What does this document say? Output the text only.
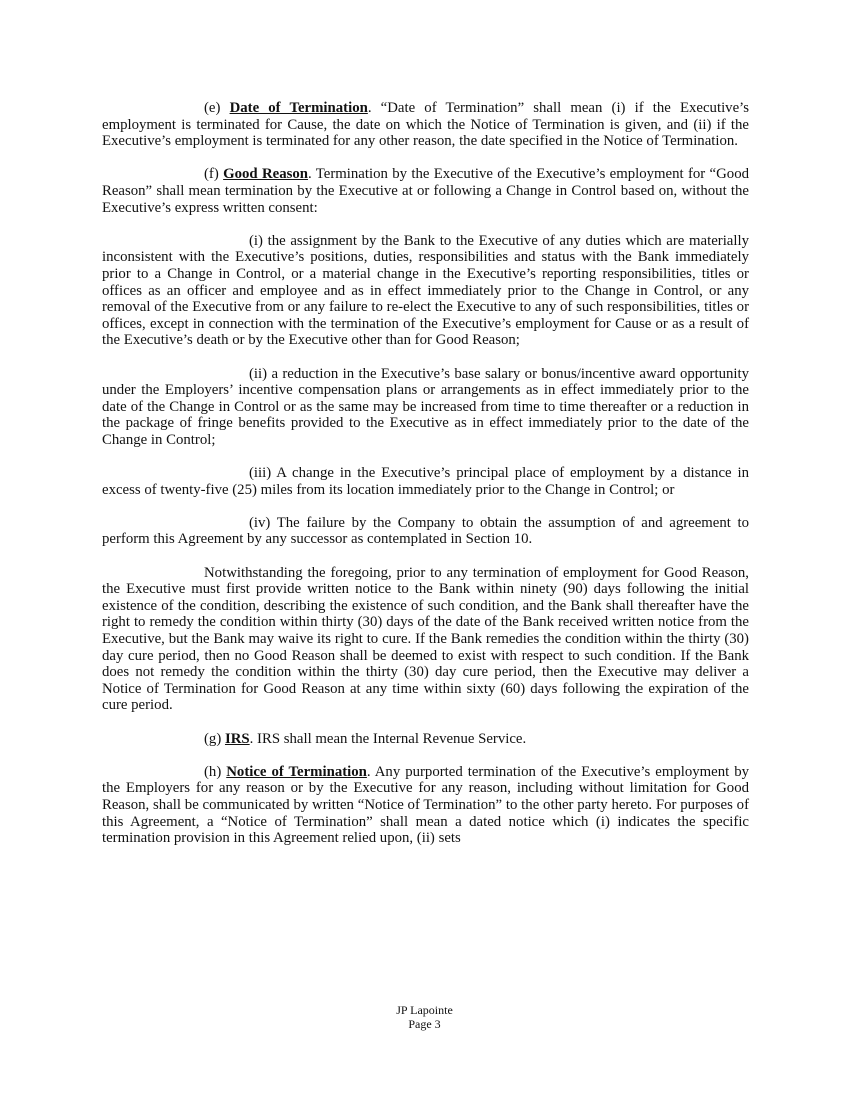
(e) Date of Termination. “Date of Termination” shall mean (i) if the Executive’s employment is terminated for Cause, the date on which the Notice of Termination is given, and (ii) if the Executive’s employment is terminated for any other reason, the date specified in the Notice of Termination.

(f) Good Reason. Termination by the Executive of the Executive’s employment for “Good Reason” shall mean termination by the Executive at or following a Change in Control based on, without the Executive’s express written consent:

(i) the assignment by the Bank to the Executive of any duties which are materially inconsistent with the Executive’s positions, duties, responsibilities and status with the Bank immediately prior to a Change in Control, or a material change in the Executive’s reporting responsibilities, titles or offices as an officer and employee and as in effect immediately prior to the Change in Control, or any removal of the Executive from or any failure to re-elect the Executive to any of such responsibilities, titles or offices, except in connection with the termination of the Executive’s employment for Cause or as a result of the Executive’s death or by the Executive other than for Good Reason;

(ii) a reduction in the Executive’s base salary or bonus/incentive award opportunity under the Employers’ incentive compensation plans or arrangements as in effect immediately prior to the date of the Change in Control or as the same may be increased from time to time thereafter or a reduction in the package of fringe benefits provided to the Executive as in effect immediately prior to the date of the Change in Control;

(iii) A change in the Executive’s principal place of employment by a distance in excess of twenty-five (25) miles from its location immediately prior to the Change in Control; or

(iv) The failure by the Company to obtain the assumption of and agreement to perform this Agreement by any successor as contemplated in Section 10.

Notwithstanding the foregoing, prior to any termination of employment for Good Reason, the Executive must first provide written notice to the Bank within ninety (90) days following the initial existence of the condition, describing the existence of such condition, and the Bank shall thereafter have the right to remedy the condition within thirty (30) days of the date of the Bank received written notice from the Executive, but the Bank may waive its right to cure. If the Bank remedies the condition within the thirty (30) day cure period, then no Good Reason shall be deemed to exist with respect to such condition. If the Bank does not remedy the condition within the thirty (30) day cure period, then the Executive may deliver a Notice of Termination for Good Reason at any time within sixty (60) days following the expiration of the cure period.

(g) IRS. IRS shall mean the Internal Revenue Service.

(h) Notice of Termination. Any purported termination of the Executive’s employment by the Employers for any reason or by the Executive for any reason, including without limitation for Good Reason, shall be communicated by written “Notice of Termination” to the other party hereto. For purposes of this Agreement, a “Notice of Termination” shall mean a dated notice which (i) indicates the specific termination provision in this Agreement relied upon, (ii) sets

JP Lapointe
Page 3
